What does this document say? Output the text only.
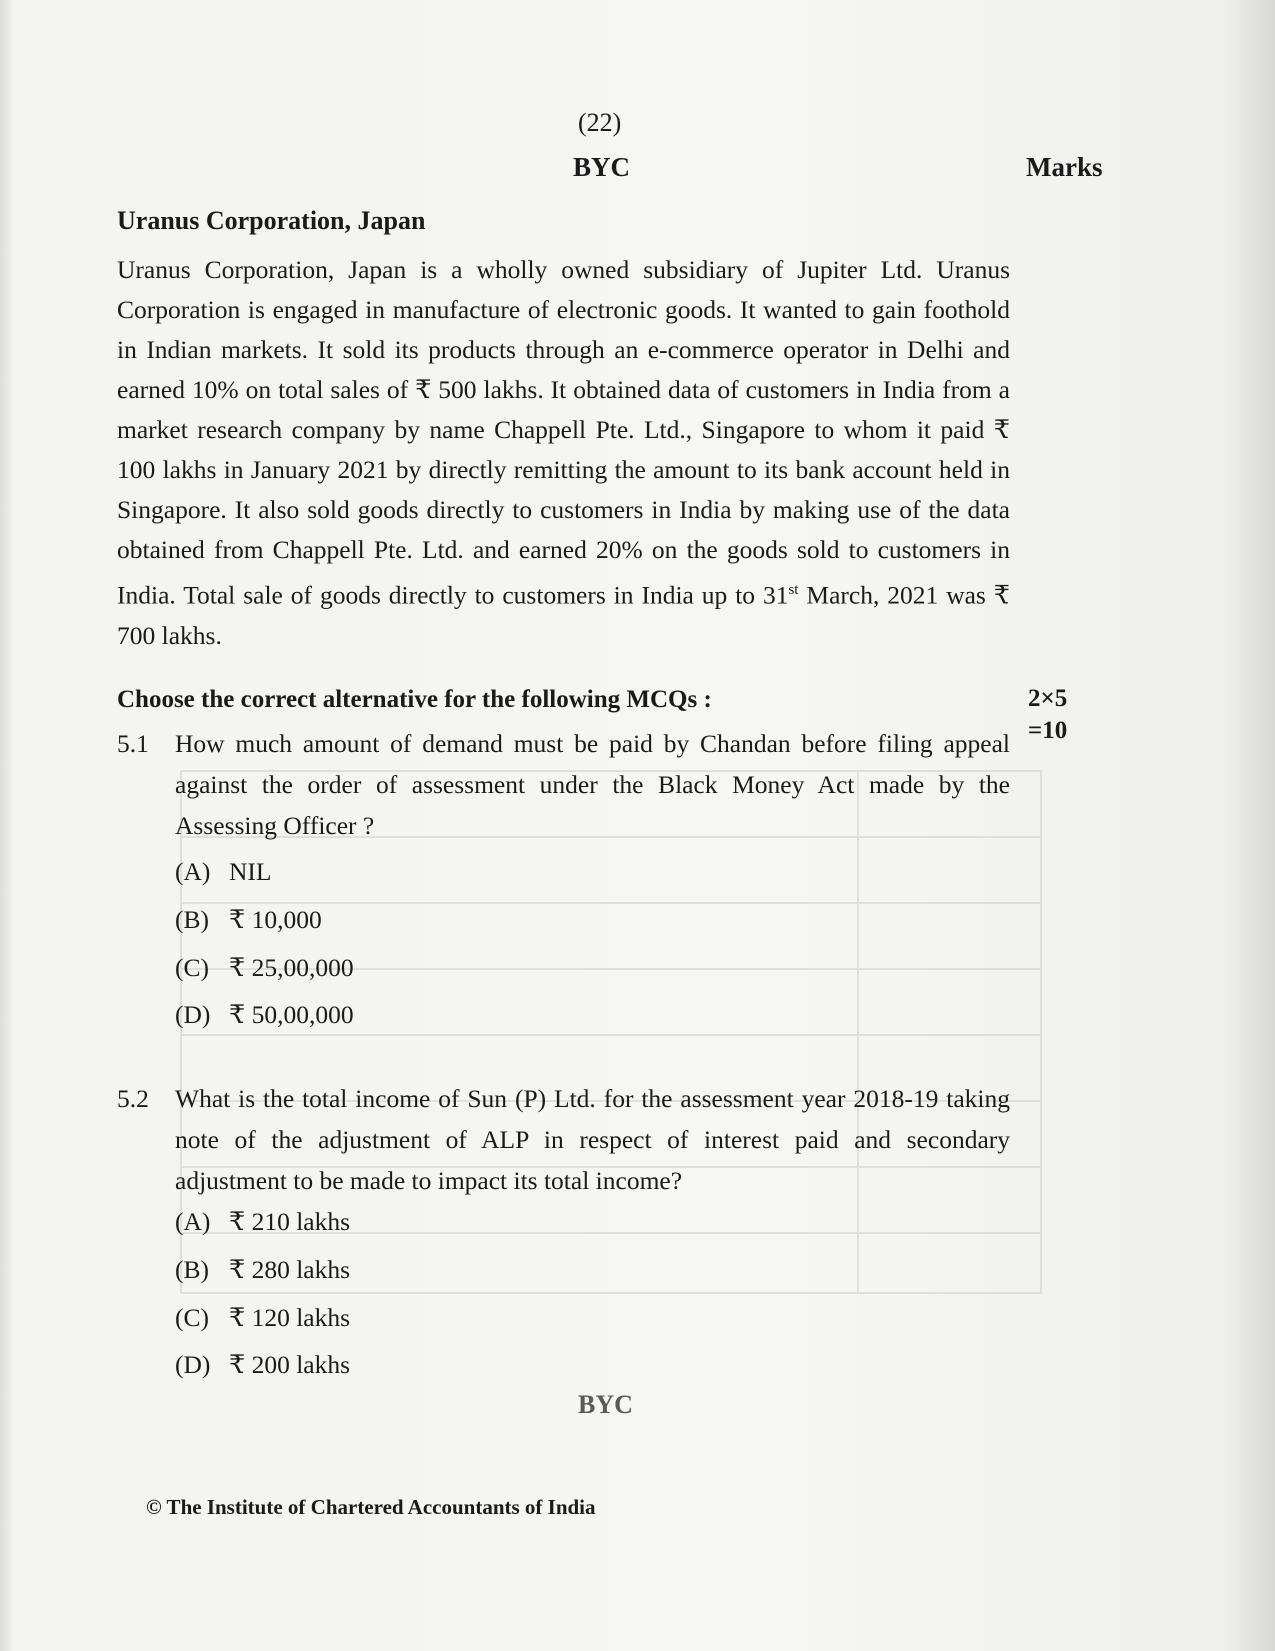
(22)
BYC	Marks
Uranus Corporation, Japan

Uranus Corporation, Japan is a wholly owned subsidiary of Jupiter Ltd. Uranus Corporation is engaged in manufacture of electronic goods. It wanted to gain foothold in Indian markets. It sold its products through an e-commerce operator in Delhi and earned 10% on total sales of ₹ 500 lakhs. It obtained data of customers in India from a market research company by name Chappell Pte. Ltd., Singapore to whom it paid ₹ 100 lakhs in January 2021 by directly remitting the amount to its bank account held in Singapore. It also sold goods directly to customers in India by making use of the data obtained from Chappell Pte. Ltd. and earned 20% on the goods sold to customers in India. Total sale of goods directly to customers in India up to 31st March, 2021 was ₹ 700 lakhs.

Choose the correct alternative for the following MCQs :	2×5
=10
5.1 How much amount of demand must be paid by Chandan before filing appeal against the order of assessment under the Black Money Act made by the Assessing Officer ?
(A) NIL
(B) ₹ 10,000
(C) ₹ 25,00,000
(D) ₹ 50,00,000
5.2 What is the total income of Sun (P) Ltd. for the assessment year 2018-19 taking note of the adjustment of ALP in respect of interest paid and secondary adjustment to be made to impact its total income?
(A) ₹ 210 lakhs
(B) ₹ 280 lakhs
(C) ₹ 120 lakhs
(D) ₹ 200 lakhs
BYC
© The Institute of Chartered Accountants of India
